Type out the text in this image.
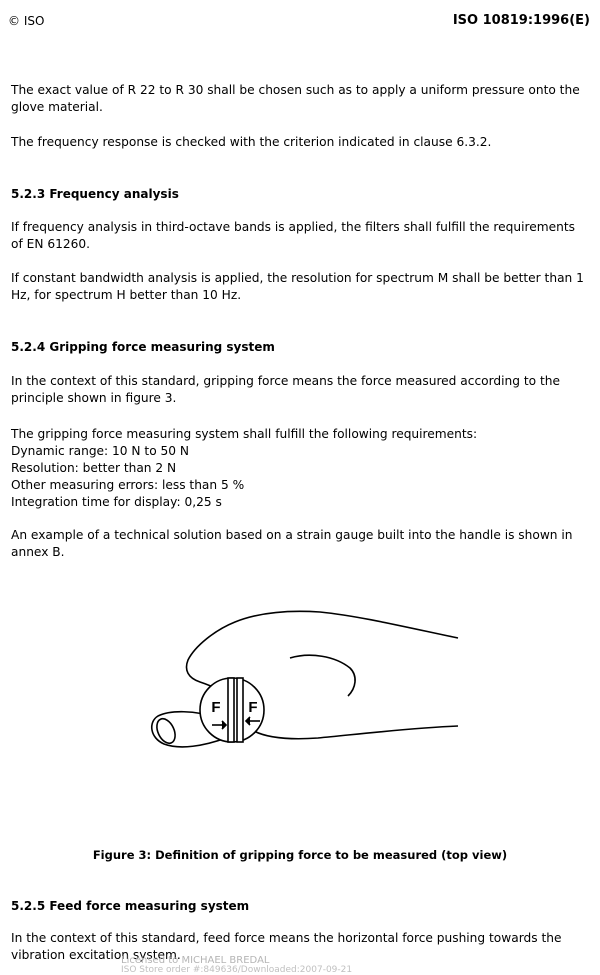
© ISO	ISO 10819:1996(E)

The exact value of R 22 to R 30 shall be chosen such as to apply a uniform pressure onto the glove material.

The frequency response is checked with the criterion indicated in clause 6.3.2.

5.2.3 Frequency analysis

If frequency analysis in third-octave bands is applied, the filters shall fulfill the requirements of EN 61260.

If constant bandwidth analysis is applied, the resolution for spectrum M shall be better than 1 Hz, for spectrum H better than 10 Hz.

5.2.4 Gripping force measuring system

In the context of this standard, gripping force means the force measured according to the principle shown in figure 3.

The gripping force measuring system shall fulfill the following requirements:

Dynamic range: 10 N to 50 N

Resolution: better than 2 N

Other measuring errors: less than 5 %

Integration time for display: 0,25 s

An example of a technical solution based on a strain gauge built into the handle is shown in annex B.

F F
Figure 3: Definition of gripping force to be measured (top view)

5.2.5 Feed force measuring system

In the context of this standard, feed force means the horizontal force pushing towards the vibration excitation system.

Licensed to MICHAEL BREDAL
ISO Store order #:849636/Downloaded:2007-09-21
